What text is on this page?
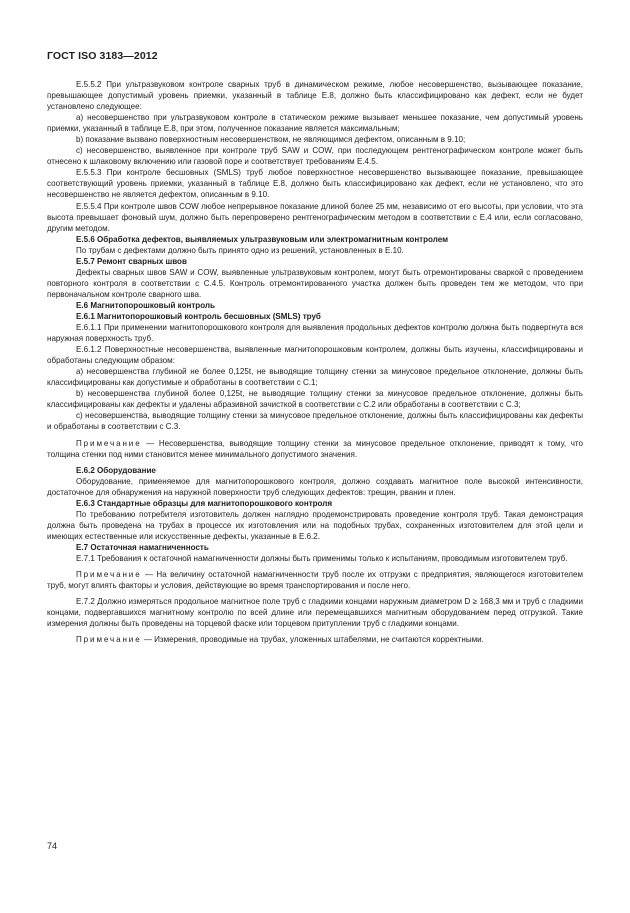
ГОСТ ISO 3183—2012

Е.5.5.2 При ультразвуковом контроле сварных труб в динамическом режиме, любое несовершенство, вызывающее показание, превышающее допустимый уровень приемки, указанный в таблице Е.8, должно быть классифицировано как дефект, если не будет установлено следующее:

а) несовершенство при ультразвуковом контроле в статическом режиме вызывает меньшее показание, чем допустимый уровень приемки, указанный в таблице Е.8, при этом, полученное показание является максимальным;

b) показание вызвано поверхностным несовершенством, не являющимся дефектом, описанным в 9.10;

с) несовершенство, выявленное при контроле труб SAW и COW, при последующем рентгенографическом контроле может быть отнесено к шлаковому включению или газовой поре и соответствует требованиям Е.4.5.

Е.5.5.3 При контроле бесшовных (SMLS) труб любое поверхностное несовершенство вызывающее показание, превышающее соответствующий уровень приемки, указанный в таблице Е.8, должно быть классифицировано как дефект, если не установлено, что это несовершенство не является дефектом, описанным в 9.10.

Е.5.5.4 При контроле швов COW любое непрерывное показание длиной более 25 мм, независимо от его высоты, при условии, что эта высота превышает фоновый шум, должно быть перепроверено рентгенографическим методом в соответствии с Е.4 или, если согласовано, другим методом.

Е.5.6 Обработка дефектов, выявляемых ультразвуковым или электромагнитным контролем

По трубам с дефектами должно быть принято одно из решений, установленных в Е.10.

Е.5.7 Ремонт сварных швов

Дефекты сварных швов SAW и COW, выявленные ультразвуковым контролем, могут быть отремонтированы сваркой с проведением повторного контроля в соответствии с С.4.5. Контроль отремонтированного участка должен быть проведен тем же методом, что при первоначальном контроле сварного шва.

Е.6 Магнитопорошковый контроль

Е.6.1 Магнитопорошковый контроль бесшовных (SMLS) труб

Е.6.1.1 При применении магнитопорошкового контроля для выявления продольных дефектов контролю должна быть подвергнута вся наружная поверхность труб.

Е.6.1.2 Поверхностные несовершенства, выявленные магнитопорошковым контролем, должны быть изучены, классифицированы и обработаны следующим образом:

а) несовершенства глубиной не более 0,125t, не выводящие толщину стенки за минусовое предельное отклонение, должны быть классифицированы как допустимые и обработаны в соответствии с С.1;

b) несовершенства глубиной более 0,125t, не выводящие толщину стенки за минусовое предельное отклонение, должны быть классифицированы как дефекты и удалены абразивной зачисткой в соответствии с С.2 или обработаны в соответствии с С.3;

с) несовершенства, выводящие толщину стенки за минусовое предельное отклонение, должны быть классифицированы как дефекты и обработаны в соответствии с С.3.

Примечание — Несовершенства, выводящие толщину стенки за минусовое предельное отклонение, приводят к тому, что толщина стенки под ними становится менее минимального допустимого значения.

Е.6.2 Оборудование

Оборудование, применяемое для магнитопорошкового контроля, должно создавать магнитное поле высокой интенсивности, достаточное для обнаружения на наружной поверхности труб следующих дефектов: трещин, рванин и плен.

Е.6.3 Стандартные образцы для магнитопорошкового контроля

По требованию потребителя изготовитель должен наглядно продемонстрировать проведение контроля труб. Такая демонстрация должна быть проведена на трубах в процессе их изготовления или на подобных трубах, сохраненных изготовителем для этой цели и имеющих естественные или искусственные дефекты, указанные в Е.6.2.

Е.7 Остаточная намагниченность

Е.7.1 Требования к остаточной намагниченности должны быть применимы только к испытаниям, проводимым изготовителем труб.

Примечание — На величину остаточной намагниченности труб после их отгрузки с предприятия, являющегося изготовителем труб, могут влиять факторы и условия, действующие во время транспортирования и после него.

Е.7.2 Должно измеряться продольное магнитное поле труб с гладкими концами наружным диаметром D ≥ 168,3 мм и труб с гладкими концами, подвергавшихся магнитному контролю по всей длине или перемещавшихся магнитным оборудованием перед отгрузкой. Такие измерения должны быть проведены на торцевой фаске или торцевом притуплении труб с гладкими концами.

Примечание — Измерения, проводимые на трубах, уложенных штабелями, не считаются корректными.

74
